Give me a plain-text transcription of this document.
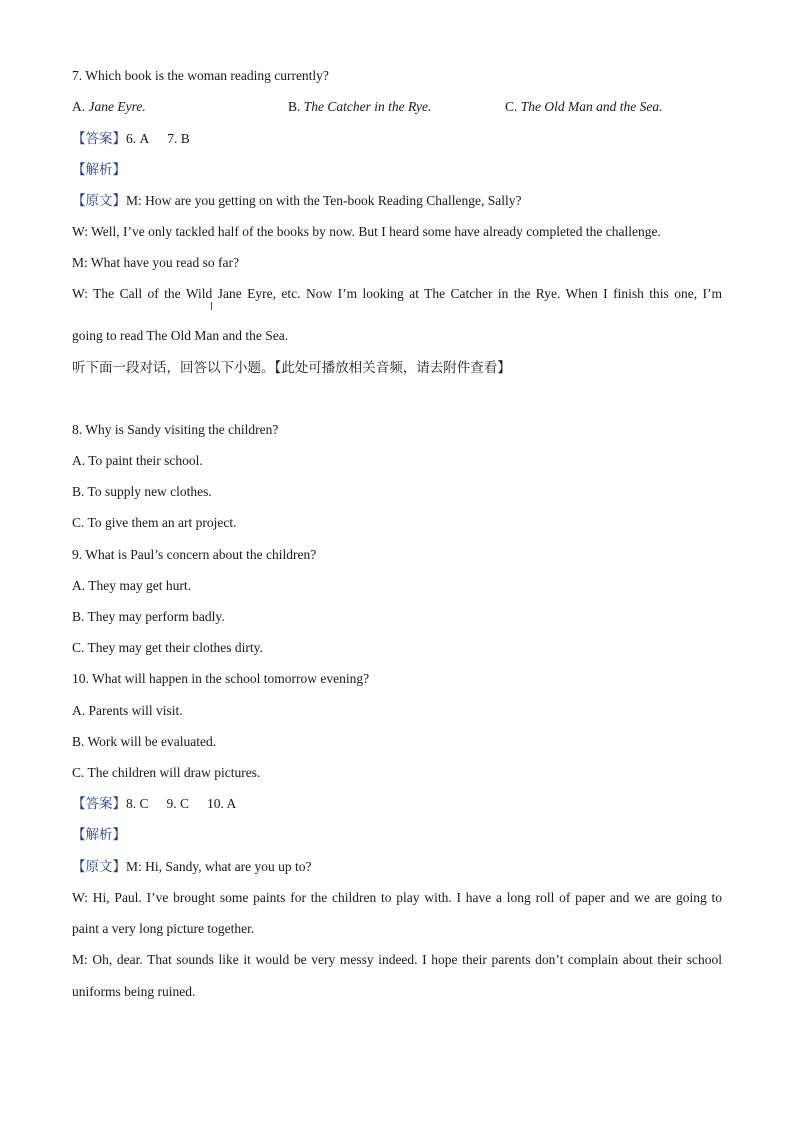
7. Which book is the woman reading currently?
A. Jane Eyre.	B. The Catcher in the Rye.	C. The Old Man and the Sea.
【答案】6. A 7. B
【解析】
【原文】M: How are you getting on with the Ten-book Reading Challenge, Sally?
W: Well, I’ve only tackled half of the books by now. But I heard some have already completed the challenge.
M: What have you read so far?
W: The Call of the Wild Jane Eyre, etc. Now I’m looking at The Catcher in the Rye. When I finish this one, I’m
going to read The Old Man and the Sea.
听下面一段对话，回答以下小题。【此处可播放相关音频，请去附件查看】
8. Why is Sandy visiting the children?
A. To paint their school.
B. To supply new clothes.
C. To give them an art project.
9. What is Paul’s concern about the children?
A. They may get hurt.
B. They may perform badly.
C. They may get their clothes dirty.
10. What will happen in the school tomorrow evening?
A. Parents will visit.
B. Work will be evaluated.
C. The children will draw pictures.
【答案】8. C 9. C 10. A
【解析】
【原文】M: Hi, Sandy, what are you up to?
W: Hi, Paul. I’ve brought some paints for the children to play with. I have a long roll of paper and we are going to
paint a very long picture together.
M: Oh, dear. That sounds like it would be very messy indeed. I hope their parents don’t complain about their school
uniforms being ruined.
